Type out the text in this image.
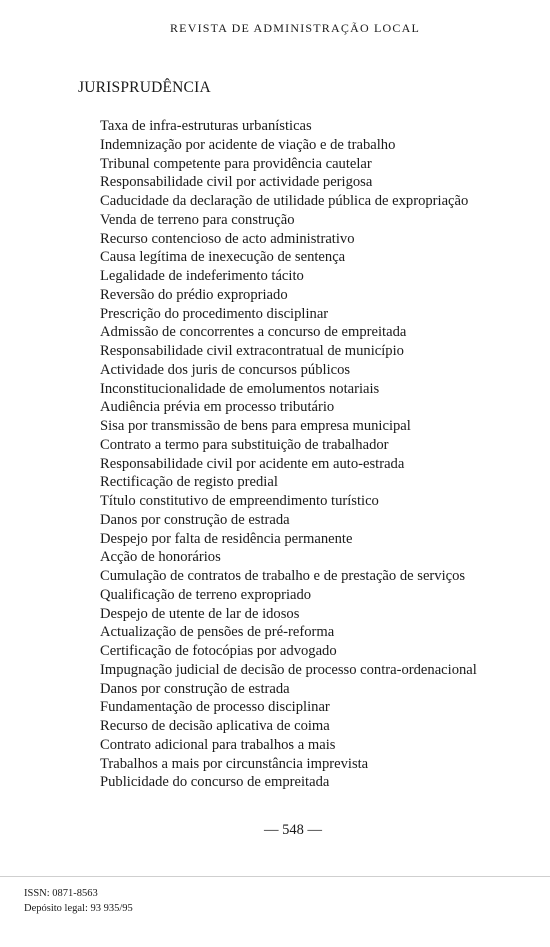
REVISTA DE ADMINISTRAÇÃO LOCAL
JURISPRUDÊNCIA
Taxa de infra-estruturas urbanísticas
Indemnização por acidente de viação e de trabalho
Tribunal competente para providência cautelar
Responsabilidade civil por actividade perigosa
Caducidade da declaração de utilidade pública de expropriação
Venda de terreno para construção
Recurso contencioso de acto administrativo
Causa legítima de inexecução de sentença
Legalidade de indeferimento tácito
Reversão do prédio expropriado
Prescrição do procedimento disciplinar
Admissão de concorrentes a concurso de empreitada
Responsabilidade civil extracontratual de município
Actividade dos juris de concursos públicos
Inconstitucionalidade de emolumentos notariais
Audiência prévia em processo tributário
Sisa por transmissão de bens para empresa municipal
Contrato a termo para substituição de trabalhador
Responsabilidade civil por acidente em auto-estrada
Rectificação de registo predial
Título constitutivo de empreendimento turístico
Danos por construção de estrada
Despejo por falta de residência permanente
Acção de honorários
Cumulação de contratos de trabalho e de prestação de serviços
Qualificação de terreno expropriado
Despejo de utente de lar de idosos
Actualização de pensões de pré-reforma
Certificação de fotocópias por advogado
Impugnação judicial de decisão de processo contra-ordenacional
Danos por construção de estrada
Fundamentação de processo disciplinar
Recurso de decisão aplicativa de coima
Contrato adicional para trabalhos a mais
Trabalhos a mais por circunstância imprevista
Publicidade do concurso de empreitada
— 548 —
ISSN: 0871-8563
Depósito legal: 93 935/95
